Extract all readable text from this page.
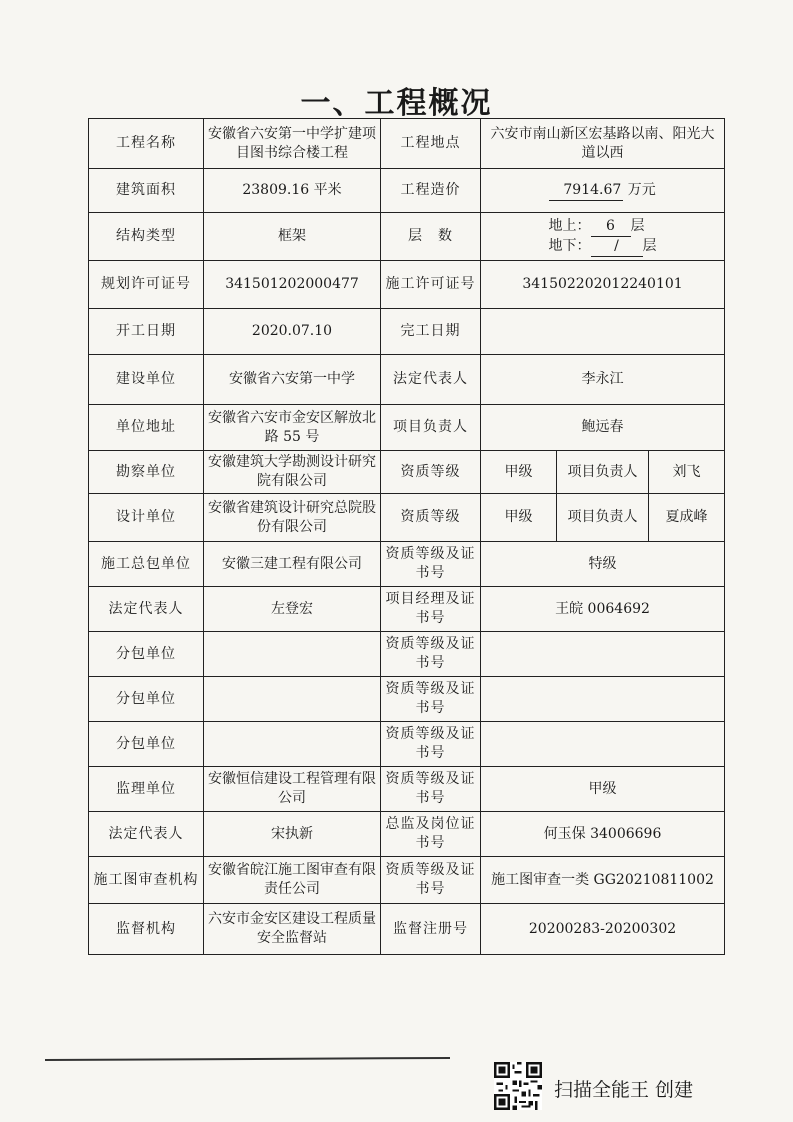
一、工程概况
工程名称	安徽省六安第一中学扩建项目图书综合楼工程	工程地点	六安市南山新区宏基路以南、阳光大道以西		
建筑面积	23809.16 平米	工程造价	7914.67 万元		
结构类型	框架	层　数	地上： 6 层
地下： / 层		

规划许可证号	341501202000477	施工许可证号	341502202012240101		
开工日期	2020.07.10	完工日期			
建设单位	安徽省六安第一中学	法定代表人	李永江		
单位地址	安徽省六安市金安区解放北路 55 号	项目负责人	鲍远春		
勘察单位	安徽建筑大学勘测设计研究院有限公司	资质等级	甲级	项目负责人	刘飞
设计单位	安徽省建筑设计研究总院股份有限公司	资质等级	甲级	项目负责人	夏成峰
施工总包单位	安徽三建工程有限公司	资质等级及证书号	特级		
法定代表人	左登宏	项目经理及证书号	王皖 0064692		
分包单位		资质等级及证书号			
分包单位		资质等级及证书号			
分包单位		资质等级及证书号			
监理单位	安徽恒信建设工程管理有限公司	资质等级及证书号	甲级		
法定代表人	宋执新	总监及岗位证书号	何玉保 34006696		
施工图审查机构	安徽省皖江施工图审查有限责任公司	资质等级及证书号	施工图审查一类 GG20210811002		
监督机构	六安市金安区建设工程质量安全监督站	监督注册号	20200283-20200302		
扫描全能王 创建
